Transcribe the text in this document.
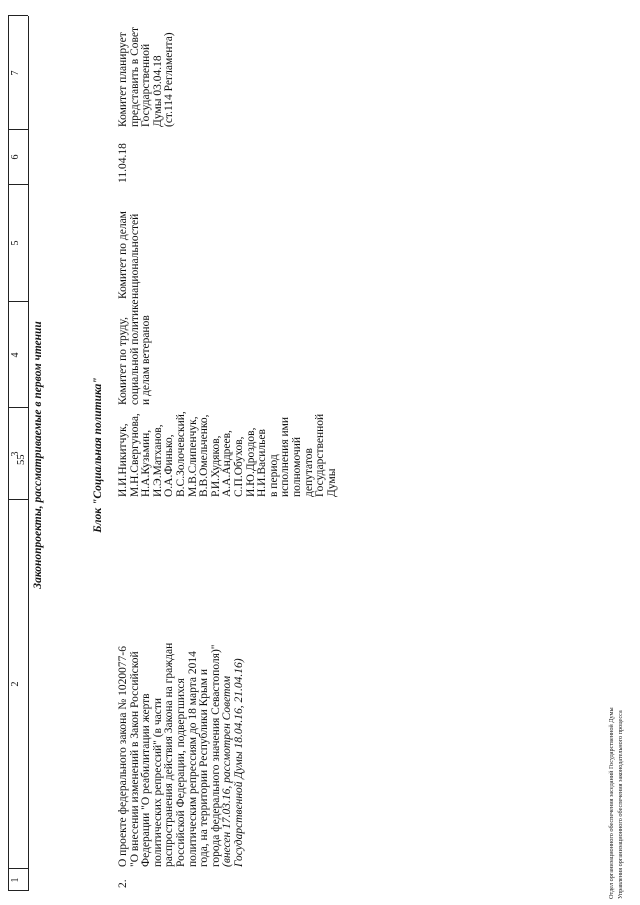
55
1
2
3
4
5
6
7
Законопроекты, рассматриваемые в первом чтении	Блок "Социальная политика"
2.
О проекте федерального закона № 1020077-6 "О внесении изменений в Закон Российской Федерации "О реабилитации жертв политических репрессий" (в части распространения действия Закона на граждан Российской Федерации, подвергшихся политическим репрессиям до 18 марта 2014 года, на территории Республики Крым и города федерального значения Севастополя)" (внесен 17.03.16, рассмотрен Советом Государственной Думы 18.04.16, 21.04.16)
И.И.Никитчук, М.Н.Свергунова, Н.А.Кузьмин, И.Э.Матханов, О.А.Финько, В.С.Золочевский, М.В.Слипенчук, В.В.Омельченко, Р.И.Худяков, А.А.Андреев, С.П.Обухов, И.Ю.Дроздов, Н.И.Васильев в период исполнения ими полномочий депутатов Государственной Думы
Комитет по труду, социальной политике и делам ветеранов
Комитет по делам национальностей
11.04.18
Комитет планирует представить в Совет Государственной Думы 03.04.18 (ст.114 Регламента)
Отдел организационного обеспечения заседаний Государственной Думы Управления организационного обеспечения законодательного процесса
